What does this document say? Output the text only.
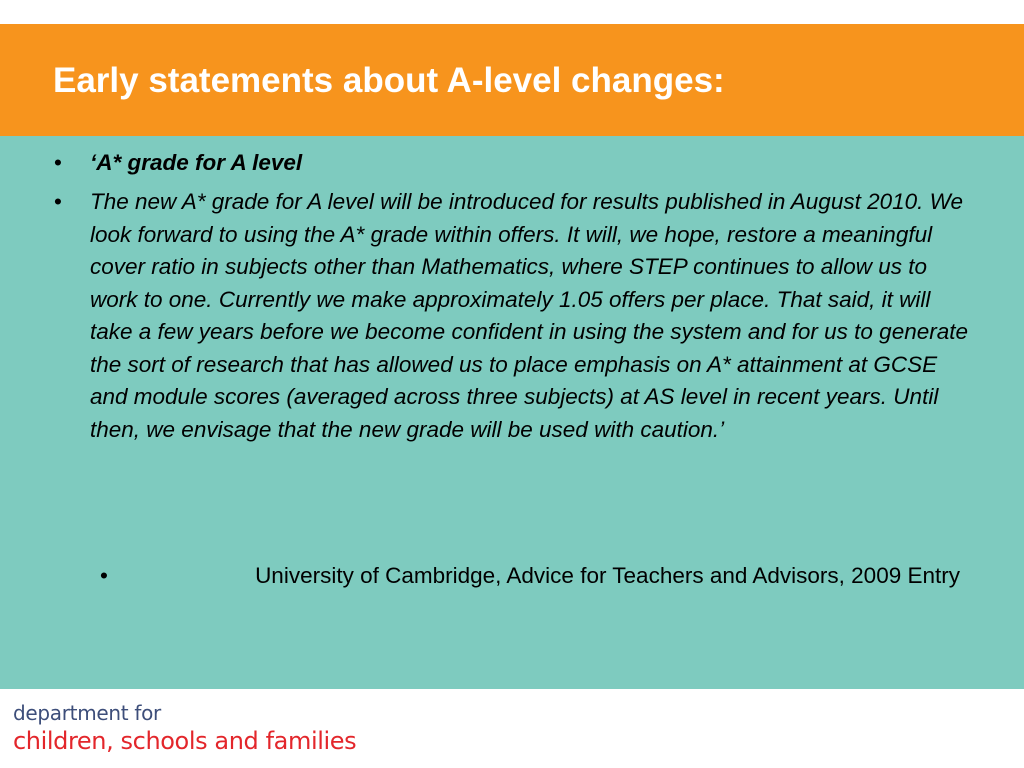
Early statements about A-level changes:
• ‘A* grade for A level
• The new A* grade for A level will be introduced for results published in August 2010. We look forward to using the A* grade within offers. It will, we hope, restore a meaningful cover ratio in subjects other than Mathematics, where STEP continues to allow us to work to one. Currently we make approximately 1.05 offers per place. That said, it will take a few years before we become confident in using the system and for us to generate the sort of research that has allowed us to place emphasis on A* attainment at GCSE and module scores (averaged across three subjects) at AS level in recent years. Until then, we envisage that the new grade will be used with caution.’
•	University of Cambridge, Advice for Teachers and Advisors, 2009 Entry
department for
children, schools and families
